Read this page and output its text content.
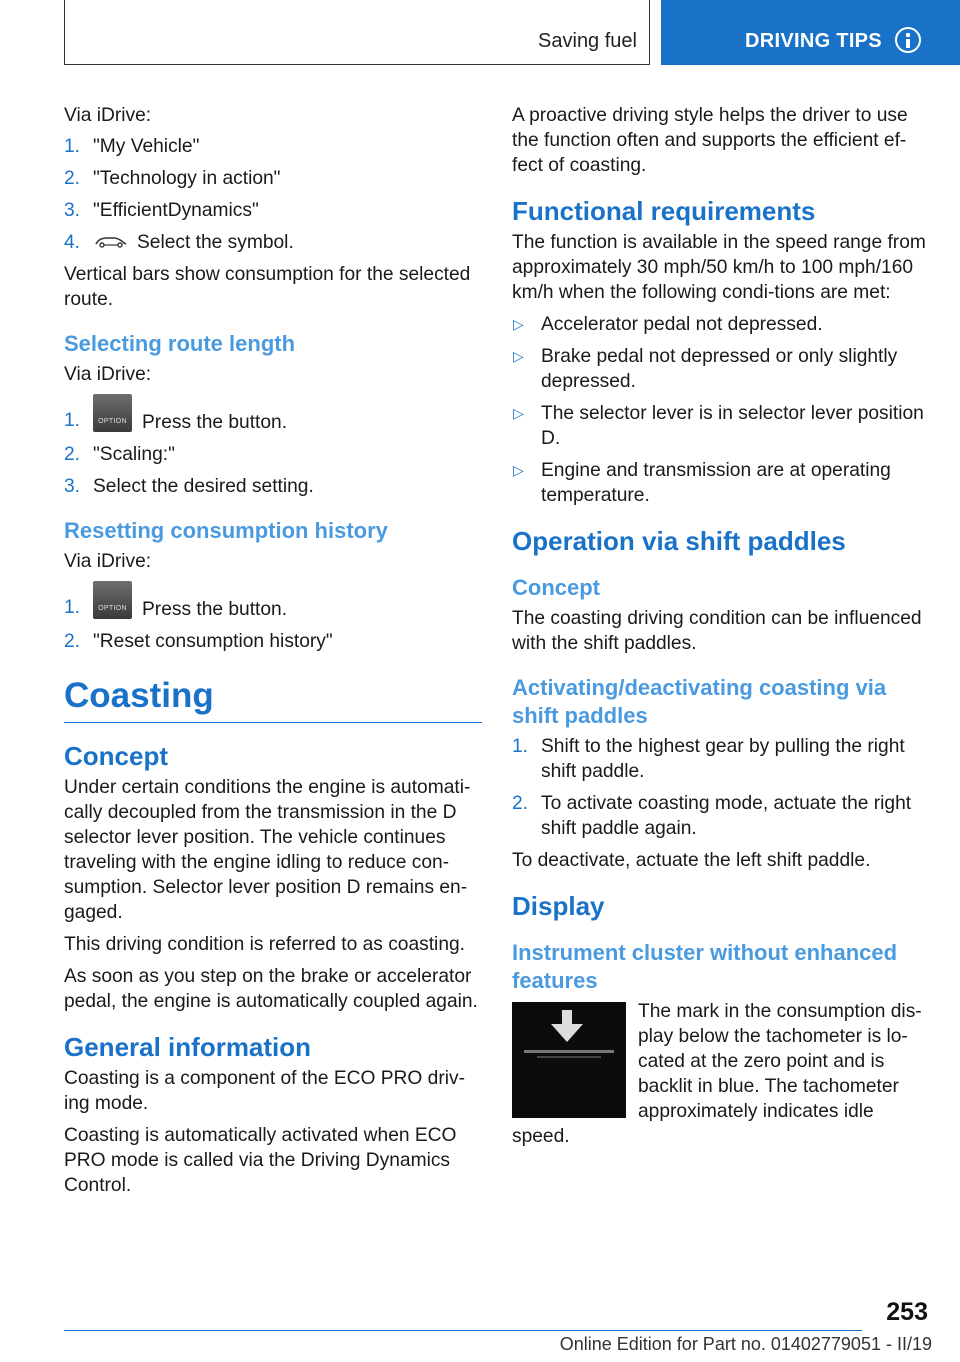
Saving fuel	DRIVING TIPS

Via iDrive:

1. "My Vehicle"
2. "Technology in action"
3. "EfficientDynamics"
4.	Select the symbol.

Vertical bars show consumption for the selected route.

Selecting route length

Via iDrive:

1.	OPTION Press the button.
2. "Scaling:"
3. Select the desired setting.
Resetting consumption history

Via iDrive:

1.	OPTION Press the button.
2. "Reset consumption history"
Coasting
Concept

Under certain conditions the engine is automati-cally decoupled from the transmission in the D selector lever position. The vehicle continues traveling with the engine idling to reduce con-sumption. Selector lever position D remains en-gaged.

This driving condition is referred to as coasting.

As soon as you step on the brake or accelerator pedal, the engine is automatically coupled again.

General information

Coasting is a component of the ECO PRO driv-ing mode.

Coasting is automatically activated when ECO PRO mode is called via the Driving Dynamics Control.

A proactive driving style helps the driver to use the function often and supports the efficient ef-fect of coasting.

Functional requirements

The function is available in the speed range from approximately 30 mph/50 km/h to 100 mph/160 km/h when the following condi-tions are met:

▷ Accelerator pedal not depressed.
▷ Brake pedal not depressed or only slightly depressed.
▷ The selector lever is in selector lever position D.
▷ Engine and transmission are at operating temperature.
Operation via shift paddles
Concept

The coasting driving condition can be influenced with the shift paddles.

Activating/deactivating coasting via shift paddles
1. Shift to the highest gear by pulling the right shift paddle.
2. To activate coasting mode, actuate the right shift paddle again.

To deactivate, actuate the left shift paddle.

Display
Instrument cluster without enhanced features

The mark in the consumption dis-play below the tachometer is lo-cated at the zero point and is backlit in blue. The tachometer approximately indicates idle speed.

253
Online Edition for Part no. 01402779051 - II/19
